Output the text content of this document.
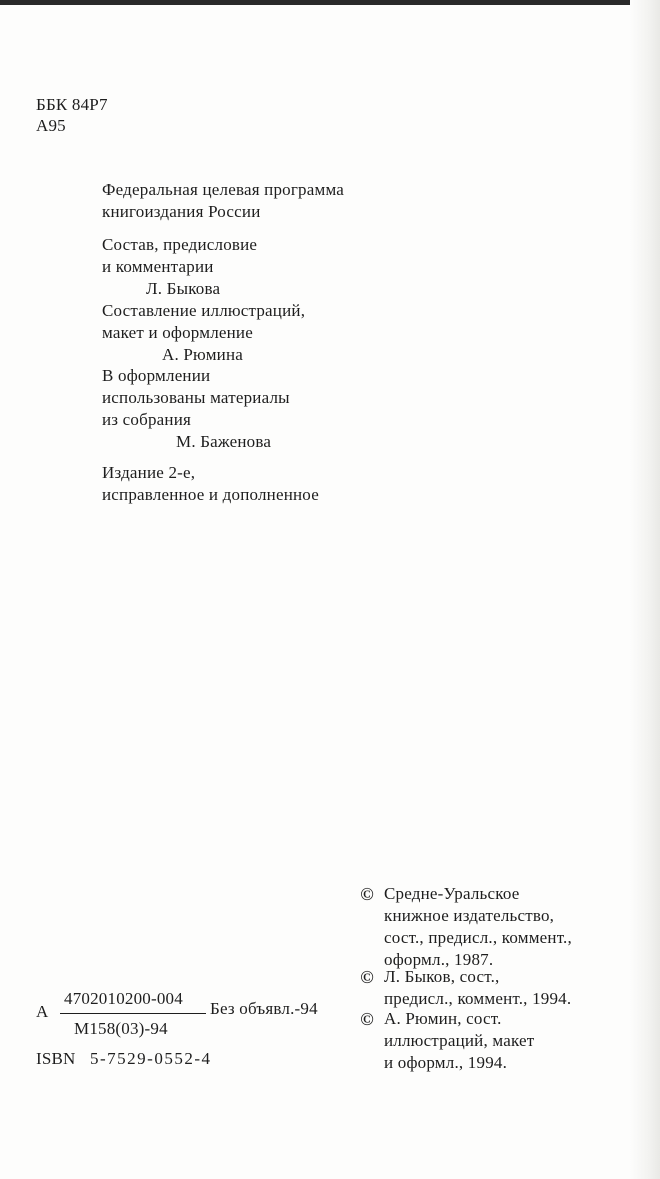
ББК 84Р7
А95
Федеральная целевая программа
книгоиздания России
Состав, предисловие
и комментарии
Л. Быкова
Составление иллюстраций,
макет и оформление
А. Рюмина
В оформлении
использованы материалы
из собрания
М. Баженова
Издание 2-е,
исправленное и дополненное
© Средне-Уральское
книжное издательство,
сост., предисл., коммент.,
оформл., 1987.
© Л. Быков, сост.,
предисл., коммент., 1994.
© А. Рюмин, сост.
иллюстраций, макет
и оформл., 1994.
А
4702010200-004
М158(03)-94
Без объявл.-94
ISBN 5-7529-0552-4
